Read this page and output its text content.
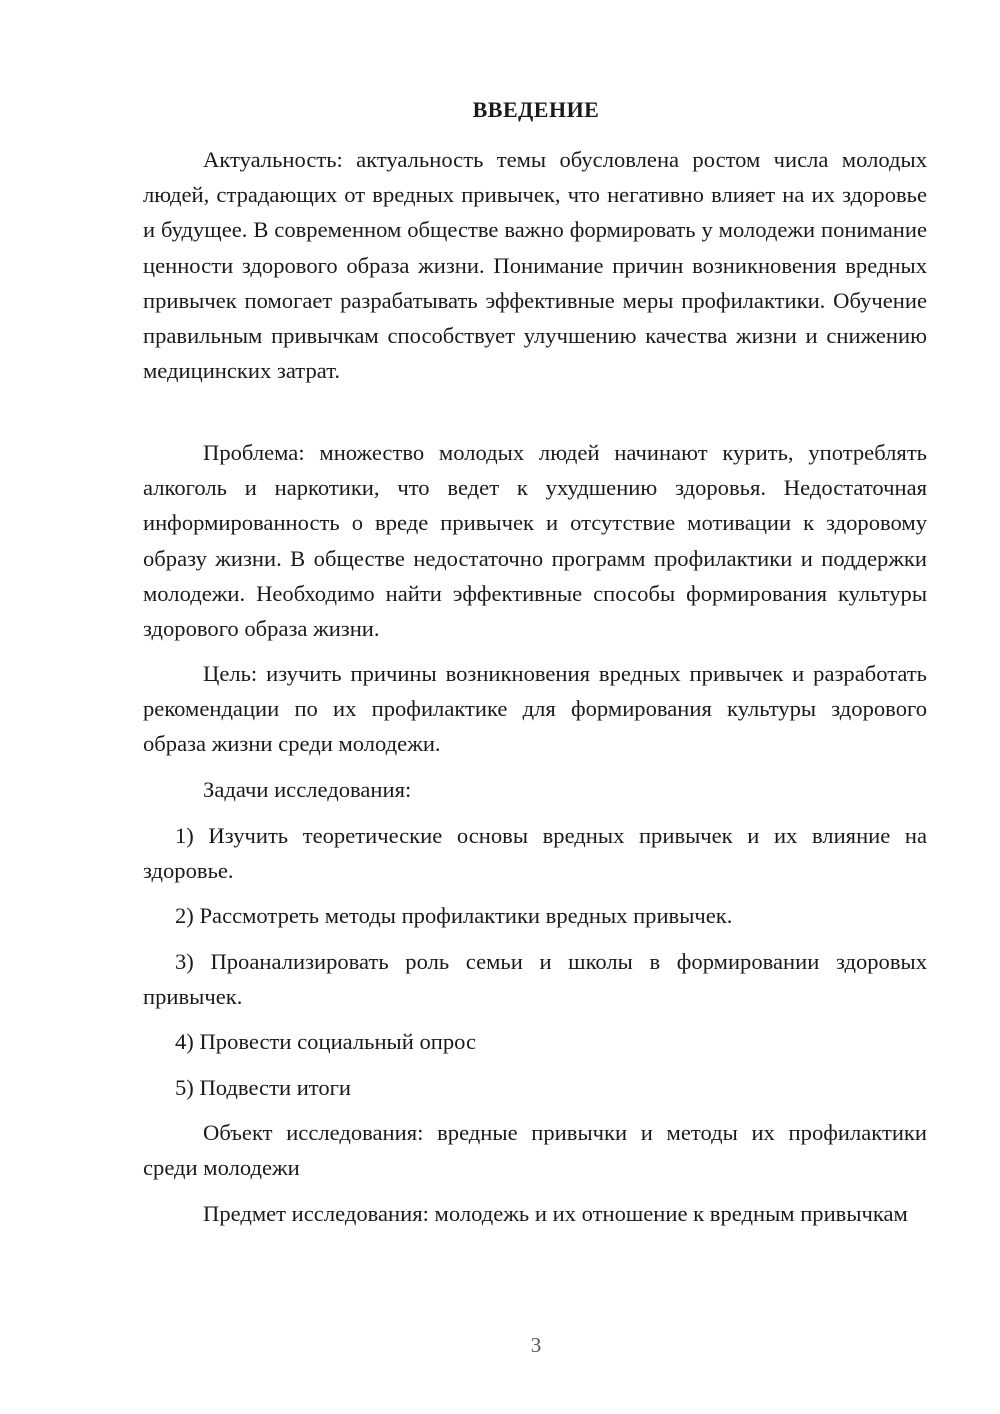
ВВЕДЕНИЕ

Актуальность: актуальность темы обусловлена ростом числа молодых людей, страдающих от вредных привычек, что негативно влияет на их здоровье и будущее. В современном обществе важно формировать у молодежи понимание ценности здорового образа жизни. Понимание причин возникновения вредных привычек помогает разрабатывать эффективные меры профилактики. Обучение правильным привычкам способствует улучшению качества жизни и снижению медицинских затрат.

Проблема: множество молодых людей начинают курить, употреблять алкоголь и наркотики, что ведет к ухудшению здоровья. Недостаточная информированность о вреде привычек и отсутствие мотивации к здоровому образу жизни. В обществе недостаточно программ профилактики и поддержки молодежи. Необходимо найти эффективные способы формирования культуры здорового образа жизни.

Цель: изучить причины возникновения вредных привычек и разработать рекомендации по их профилактике для формирования культуры здорового образа жизни среди молодежи.

Задачи исследования:

1) Изучить теоретические основы вредных привычек и их влияние на здоровье.

2) Рассмотреть методы профилактики вредных привычек.

3) Проанализировать роль семьи и школы в формировании здоровых привычек.

4) Провести социальный опрос

5) Подвести итоги

Объект исследования: вредные привычки и методы их профилактики среди молодежи

Предмет исследования: молодежь и их отношение к вредным привычкам

3
